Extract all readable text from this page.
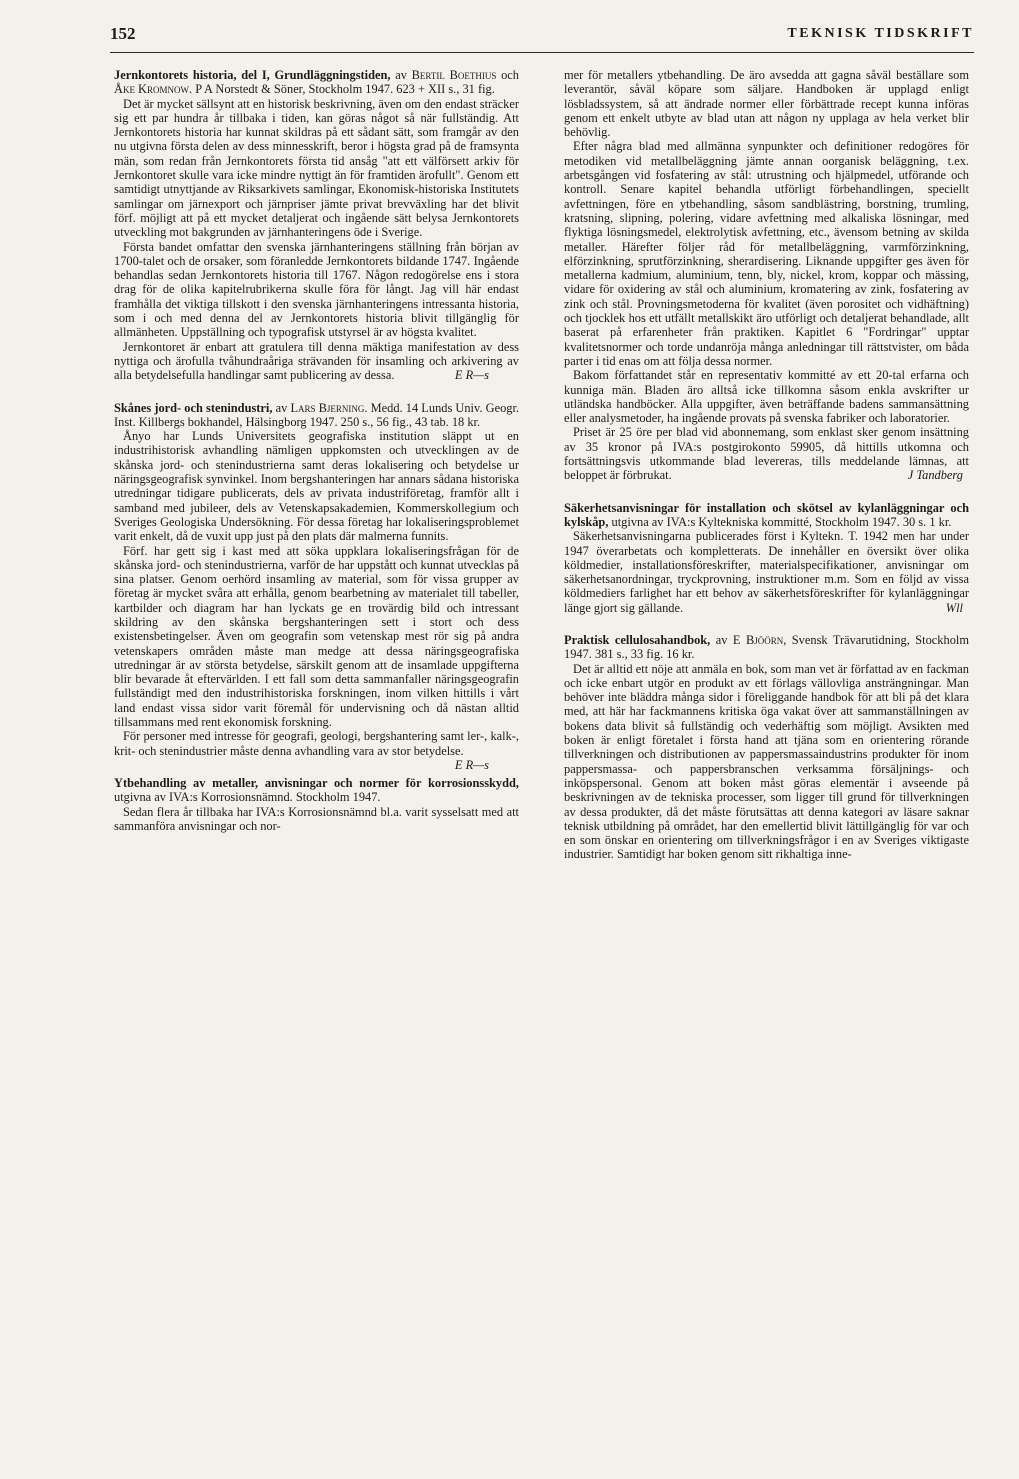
152	TEKNISK TIDSKRIFT

Jernkontorets historia, del I, Grundläggningstiden, av Bertil Boethius och Åke Kromnow. P A Norstedt & Söner, Stockholm 1947. 623 + XII s., 31 fig.

Det är mycket sällsynt att en historisk beskrivning, även om den endast sträcker sig ett par hundra år tillbaka i tiden, kan göras något så när fullständig. Att Jernkontorets historia har kunnat skildras på ett sådant sätt, som framgår av den nu utgivna första delen av dess minnesskrift, beror i högsta grad på de framsynta män, som redan från Jernkontorets första tid ansåg "att ett välförsett arkiv för Jernkontoret skulle vara icke mindre nyttigt än för framtiden ärofullt". Genom ett samtidigt utnyttjande av Riksarkivets samlingar, Ekonomisk-historiska Institutets samlingar om järnexport och järnpriser jämte privat brevväxling har det blivit förf. möjligt att på ett mycket detaljerat och ingående sätt belysa Jernkontorets utveckling mot bakgrunden av järnhanteringens öde i Sverige.

Första bandet omfattar den svenska järnhanteringens ställning från början av 1700-talet och de orsaker, som föranledde Jernkontorets bildande 1747. Ingående behandlas sedan Jernkontorets historia till 1767. Någon redogörelse ens i stora drag för de olika kapitelrubrikerna skulle föra för långt. Jag vill här endast framhålla det viktiga tillskott i den svenska järnhanteringens intressanta historia, som i och med denna del av Jernkontorets historia blivit tillgänglig för allmänheten. Uppställning och typografisk utstyrsel är av högsta kvalitet.

Jernkontoret är enbart att gratulera till denna mäktiga manifestation av dess nyttiga och ärofulla tvåhundraåriga strävanden för insamling och arkivering av alla betydelsefulla handlingar samt publicering av dessa.	E R—s

Skånes jord- och stenindustri, av Lars Bjerning. Medd. 14 Lunds Univ. Geogr. Inst. Killbergs bokhandel, Hälsingborg 1947. 250 s., 56 fig., 43 tab. 18 kr.

Ånyo har Lunds Universitets geografiska institution släppt ut en industrihistorisk avhandling nämligen uppkomsten och utvecklingen av de skånska jord- och stenindustrierna samt deras lokalisering och betydelse ur näringsgeografisk synvinkel. Inom bergshanteringen har annars sådana historiska utredningar tidigare publicerats, dels av privata industriföretag, framför allt i samband med jubileer, dels av Vetenskapsakademien, Kommerskollegium och Sveriges Geologiska Undersökning. För dessa företag har lokaliseringsproblemet varit enkelt, då de vuxit upp just på den plats där malmerna funnits.

Förf. har gett sig i kast med att söka uppklara lokaliseringsfrågan för de skånska jord- och stenindustrierna, varför de har uppstått och kunnat utvecklas på sina platser. Genom oerhörd insamling av material, som för vissa grupper av företag är mycket svåra att erhålla, genom bearbetning av materialet till tabeller, kartbilder och diagram har han lyckats ge en trovärdig bild och intressant skildring av den skånska bergshanteringen sett i stort och dess existensbetingelser. Även om geografin som vetenskap mest rör sig på andra vetenskapers områden måste man medge att dessa näringsgeografiska utredningar är av största betydelse, särskilt genom att de insamlade uppgifterna blir bevarade åt eftervärlden. I ett fall som detta sammanfaller näringsgeografin fullständigt med den industrihistoriska forskningen, inom vilken hittills i vårt land endast vissa sidor varit föremål för undervisning och då nästan alltid tillsammans med rent ekonomisk forskning.

För personer med intresse för geografi, geologi, bergshantering samt ler-, kalk-, krit- och stenindustrier måste denna avhandling vara av stor betydelse.
E R—s

Ytbehandling av metaller, anvisningar och normer för korrosionsskydd, utgivna av IVA:s Korrosionsnämnd. Stockholm 1947.

Sedan flera år tillbaka har IVA:s Korrosionsnämnd bl.a. varit sysselsatt med att sammanföra anvisningar och nor-

mer för metallers ytbehandling. De äro avsedda att gagna såväl beställare som leverantör, såväl köpare som säljare. Handboken är upplagd enligt lösbladssystem, så att ändrade normer eller förbättrade recept kunna införas genom ett enkelt utbyte av blad utan att någon ny upplaga av hela verket blir behövlig.

Efter några blad med allmänna synpunkter och definitioner redogöres för metodiken vid metallbeläggning jämte annan oorganisk beläggning, t.ex. arbetsgången vid fosfatering av stål: utrustning och hjälpmedel, utförande och kontroll. Senare kapitel behandla utförligt förbehandlingen, speciellt avfettningen, före en ytbehandling, såsom sandblästring, borstning, trumling, kratsning, slipning, polering, vidare avfettning med alkaliska lösningar, med flyktiga lösningsmedel, elektrolytisk avfettning, etc., ävensom betning av skilda metaller. Härefter följer råd för metallbeläggning, varmförzinkning, elförzinkning, sprutförzinkning, sherardisering. Liknande uppgifter ges även för metallerna kadmium, aluminium, tenn, bly, nickel, krom, koppar och mässing, vidare för oxidering av stål och aluminium, kromatering av zink, fosfatering av zink och stål. Provningsmetoderna för kvalitet (även porositet och vidhäftning) och tjocklek hos ett utfällt metallskikt äro utförligt och detaljerat behandlade, allt baserat på erfarenheter från praktiken. Kapitlet 6 "Fordringar" upptar kvalitetsnormer och torde undanröja många anledningar till rättstvister, om båda parter i tid enas om att följa dessa normer.

Bakom författandet står en representativ kommitté av ett 20-tal erfarna och kunniga män. Bladen äro alltså icke tillkomna såsom enkla avskrifter ur utländska handböcker. Alla uppgifter, även beträffande badens sammansättning eller analysmetoder, ha ingående provats på svenska fabriker och laboratorier.

Priset är 25 öre per blad vid abonnemang, som enklast sker genom insättning av 35 kronor på IVA:s postgirokonto 59905, då hittills utkomna och fortsättningsvis utkommande blad levereras, tills meddelande lämnas, att beloppet är förbrukat.	J Tandberg

Säkerhetsanvisningar för installation och skötsel av kylanläggningar och kylskåp, utgivna av IVA:s Kyltekniska kommitté, Stockholm 1947. 30 s. 1 kr.

Säkerhetsanvisningarna publicerades först i Kyltekn. T. 1942 men har under 1947 överarbetats och kompletterats. De innehåller en översikt över olika köldmedier, installationsföreskrifter, materialspecifikationer, anvisningar om säkerhetsanordningar, tryckprovning, instruktioner m.m. Som en följd av vissa köldmediers farlighet har ett behov av säkerhetsföreskrifter för kylanläggningar länge gjort sig gällande.	Wll

Praktisk cellulosahandbok, av E Bjöörn, Svensk Trävarutidning, Stockholm 1947. 381 s., 33 fig. 16 kr.

Det är alltid ett nöje att anmäla en bok, som man vet är författad av en fackman och icke enbart utgör en produkt av ett förlags vällovliga ansträngningar. Man behöver inte bläddra många sidor i föreliggande handbok för att bli på det klara med, att här har fackmannens kritiska öga vakat över att sammanställningen av bokens data blivit så fullständig och vederhäftig som möjligt. Avsikten med boken är enligt företalet i första hand att tjäna som en orientering rörande tillverkningen och distributionen av pappersmassaindustrins produkter för inom pappersmassa- och pappersbranschen verksamma försäljnings- och inköpspersonal. Genom att boken måst göras elementär i avseende på beskrivningen av de tekniska processer, som ligger till grund för tillverkningen av dessa produkter, då det måste förutsättas att denna kategori av läsare saknar teknisk utbildning på området, har den emellertid blivit lättillgänglig för var och en som önskar en orientering om tillverkningsfrågor i en av Sveriges viktigaste industrier. Samtidigt har boken genom sitt rikhaltiga inne-
